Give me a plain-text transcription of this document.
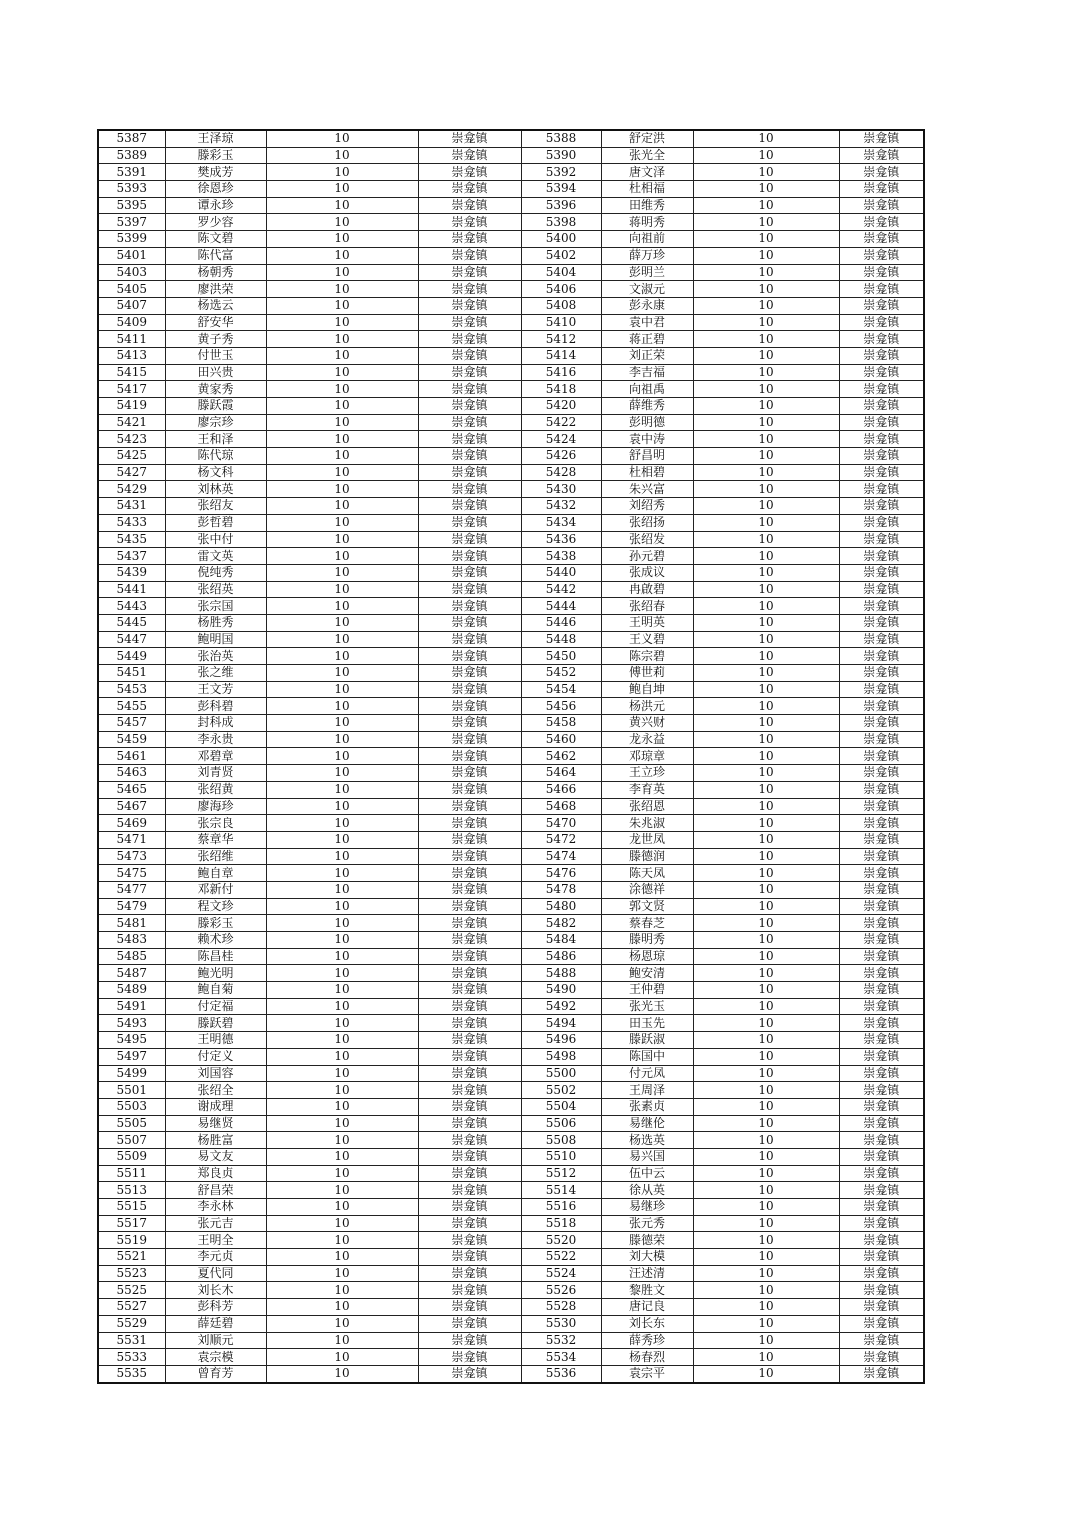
5387	王泽琼	10	崇龛镇	5388	舒定洪	10	崇龛镇
5389	滕彩玉	10	崇龛镇	5390	张光全	10	崇龛镇
5391	樊成芳	10	崇龛镇	5392	唐文泽	10	崇龛镇
5393	徐恩珍	10	崇龛镇	5394	杜相福	10	崇龛镇
5395	谭永珍	10	崇龛镇	5396	田维秀	10	崇龛镇
5397	罗少容	10	崇龛镇	5398	蒋明秀	10	崇龛镇
5399	陈文碧	10	崇龛镇	5400	向祖前	10	崇龛镇
5401	陈代富	10	崇龛镇	5402	薛万珍	10	崇龛镇
5403	杨朝秀	10	崇龛镇	5404	彭明兰	10	崇龛镇
5405	廖洪荣	10	崇龛镇	5406	文淑元	10	崇龛镇
5407	杨选云	10	崇龛镇	5408	彭永康	10	崇龛镇
5409	舒安华	10	崇龛镇	5410	袁中君	10	崇龛镇
5411	黄子秀	10	崇龛镇	5412	蒋正碧	10	崇龛镇
5413	付世玉	10	崇龛镇	5414	刘正荣	10	崇龛镇
5415	田兴贵	10	崇龛镇	5416	李吉福	10	崇龛镇
5417	黄家秀	10	崇龛镇	5418	向祖禹	10	崇龛镇
5419	滕跃霞	10	崇龛镇	5420	薛维秀	10	崇龛镇
5421	廖宗珍	10	崇龛镇	5422	彭明德	10	崇龛镇
5423	王和泽	10	崇龛镇	5424	袁中涛	10	崇龛镇
5425	陈代琼	10	崇龛镇	5426	舒昌明	10	崇龛镇
5427	杨文科	10	崇龛镇	5428	杜相碧	10	崇龛镇
5429	刘林英	10	崇龛镇	5430	朱兴富	10	崇龛镇
5431	张绍友	10	崇龛镇	5432	刘绍秀	10	崇龛镇
5433	彭哲碧	10	崇龛镇	5434	张绍扬	10	崇龛镇
5435	张中付	10	崇龛镇	5436	张绍发	10	崇龛镇
5437	雷文英	10	崇龛镇	5438	孙元碧	10	崇龛镇
5439	倪纯秀	10	崇龛镇	5440	张成议	10	崇龛镇
5441	张绍英	10	崇龛镇	5442	冉啟碧	10	崇龛镇
5443	张宗国	10	崇龛镇	5444	张绍春	10	崇龛镇
5445	杨胜秀	10	崇龛镇	5446	王明英	10	崇龛镇
5447	鲍明国	10	崇龛镇	5448	王义碧	10	崇龛镇
5449	张治英	10	崇龛镇	5450	陈宗碧	10	崇龛镇
5451	张之维	10	崇龛镇	5452	傅世莉	10	崇龛镇
5453	王文芳	10	崇龛镇	5454	鲍自坤	10	崇龛镇
5455	彭科碧	10	崇龛镇	5456	杨洪元	10	崇龛镇
5457	封科成	10	崇龛镇	5458	黄兴财	10	崇龛镇
5459	李永贵	10	崇龛镇	5460	龙永益	10	崇龛镇
5461	邓碧章	10	崇龛镇	5462	邓琼章	10	崇龛镇
5463	刘青贤	10	崇龛镇	5464	王立珍	10	崇龛镇
5465	张绍黄	10	崇龛镇	5466	李育英	10	崇龛镇
5467	廖海珍	10	崇龛镇	5468	张绍恩	10	崇龛镇
5469	张宗良	10	崇龛镇	5470	朱兆淑	10	崇龛镇
5471	蔡章华	10	崇龛镇	5472	龙世凤	10	崇龛镇
5473	张绍维	10	崇龛镇	5474	滕德润	10	崇龛镇
5475	鲍自章	10	崇龛镇	5476	陈天凤	10	崇龛镇
5477	邓新付	10	崇龛镇	5478	涂德祥	10	崇龛镇
5479	程文珍	10	崇龛镇	5480	郭文贤	10	崇龛镇
5481	滕彩玉	10	崇龛镇	5482	蔡春芝	10	崇龛镇
5483	赖术珍	10	崇龛镇	5484	滕明秀	10	崇龛镇
5485	陈昌桂	10	崇龛镇	5486	杨恩琼	10	崇龛镇
5487	鲍光明	10	崇龛镇	5488	鲍安清	10	崇龛镇
5489	鲍自菊	10	崇龛镇	5490	王仲碧	10	崇龛镇
5491	付定福	10	崇龛镇	5492	张光玉	10	崇龛镇
5493	滕跃碧	10	崇龛镇	5494	田玉先	10	崇龛镇
5495	王明德	10	崇龛镇	5496	滕跃淑	10	崇龛镇
5497	付定义	10	崇龛镇	5498	陈国中	10	崇龛镇
5499	刘国容	10	崇龛镇	5500	付元凤	10	崇龛镇
5501	张绍全	10	崇龛镇	5502	王周泽	10	崇龛镇
5503	谢成理	10	崇龛镇	5504	张素贞	10	崇龛镇
5505	易继贤	10	崇龛镇	5506	易继伦	10	崇龛镇
5507	杨胜富	10	崇龛镇	5508	杨选英	10	崇龛镇
5509	易文友	10	崇龛镇	5510	易兴国	10	崇龛镇
5511	郑良贞	10	崇龛镇	5512	伍中云	10	崇龛镇
5513	舒昌荣	10	崇龛镇	5514	徐从英	10	崇龛镇
5515	李永林	10	崇龛镇	5516	易继珍	10	崇龛镇
5517	张元吉	10	崇龛镇	5518	张元秀	10	崇龛镇
5519	王明全	10	崇龛镇	5520	滕德荣	10	崇龛镇
5521	李元贞	10	崇龛镇	5522	刘大模	10	崇龛镇
5523	夏代同	10	崇龛镇	5524	汪述清	10	崇龛镇
5525	刘长木	10	崇龛镇	5526	黎胜文	10	崇龛镇
5527	彭科芳	10	崇龛镇	5528	唐记良	10	崇龛镇
5529	薛廷碧	10	崇龛镇	5530	刘长东	10	崇龛镇
5531	刘顺元	10	崇龛镇	5532	薛秀珍	10	崇龛镇
5533	袁宗模	10	崇龛镇	5534	杨春烈	10	崇龛镇
5535	曾育芳	10	崇龛镇	5536	袁宗平	10	崇龛镇
